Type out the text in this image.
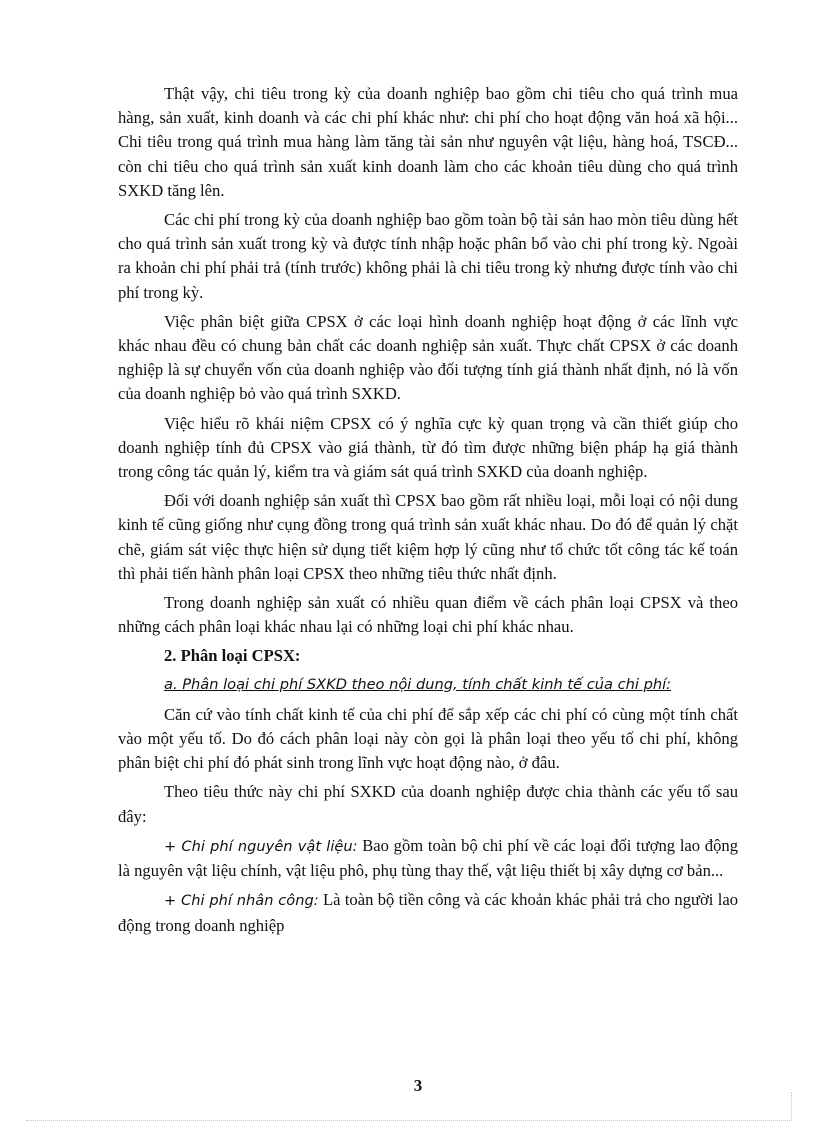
Thật vậy, chi tiêu trong kỳ của doanh nghiệp bao gồm chi tiêu cho quá trình mua hàng, sản xuất, kinh doanh và các chi phí khác như: chi phí cho hoạt động văn hoá xã hội... Chi tiêu trong quá trình mua hàng làm tăng tài sản như nguyên vật liệu, hàng hoá, TSCĐ... còn chi tiêu cho quá trình sản xuất kinh doanh làm cho các khoản tiêu dùng cho quá trình SXKD tăng lên.

Các chi phí trong kỳ của doanh nghiệp bao gồm toàn bộ tài sản hao mòn tiêu dùng hết cho quá trình sản xuất trong kỳ và được tính nhập hoặc phân bổ vào chi phí trong kỳ. Ngoài ra khoản chi phí phải trả (tính trước) không phải là chi tiêu trong kỳ nhưng được tính vào chi phí trong kỳ.

Việc phân biệt giữa CPSX ở các loại hình doanh nghiệp hoạt động ở các lĩnh vực khác nhau đều có chung bản chất các doanh nghiệp sản xuất. Thực chất CPSX ở các doanh nghiệp là sự chuyển vốn của doanh nghiệp vào đối tượng tính giá thành nhất định, nó là vốn của doanh nghiệp bỏ vào quá trình SXKD.

Việc hiểu rõ khái niệm CPSX có ý nghĩa cực kỳ quan trọng và cần thiết giúp cho doanh nghiệp tính đủ CPSX vào giá thành, từ đó tìm được những biện pháp hạ giá thành trong công tác quản lý, kiểm tra và giám sát quá trình SXKD của doanh nghiệp.

Đối với doanh nghiệp sản xuất thì CPSX bao gồm rất nhiều loại, mỗi loại có nội dung kinh tế cũng giống như cụng đồng trong quá trình sản xuất khác nhau. Do đó để quản lý chặt chẽ, giám sát việc thực hiện sử dụng tiết kiệm hợp lý cũng như tổ chức tốt công tác kế toán thì phải tiến hành phân loại CPSX theo những tiêu thức nhất định.

Trong doanh nghiệp sản xuất có nhiều quan điểm về cách phân loại CPSX và theo những cách phân loại khác nhau lại có những loại chi phí khác nhau.

2. Phân loại CPSX:

a. Phân loại chi phí SXKD theo nội dung, tính chất kinh tế của chi phí:

Căn cứ vào tính chất kinh tế của chi phí để sắp xếp các chi phí có cùng một tính chất vào một yếu tố. Do đó cách phân loại này còn gọi là phân loại theo yếu tố chi phí, không phân biệt chi phí đó phát sinh trong lĩnh vực hoạt động nào, ở đâu.

Theo tiêu thức này chi phí SXKD của doanh nghiệp được chia thành các yếu tố sau đây:

+ Chi phí nguyên vật liệu: Bao gồm toàn bộ chi phí về các loại đối tượng lao động là nguyên vật liệu chính, vật liệu phô, phụ tùng thay thế, vật liệu thiết bị xây dựng cơ bản...

+ Chi phí nhân công: Là toàn bộ tiền công và các khoản khác phải trả cho người lao động trong doanh nghiệp

3
